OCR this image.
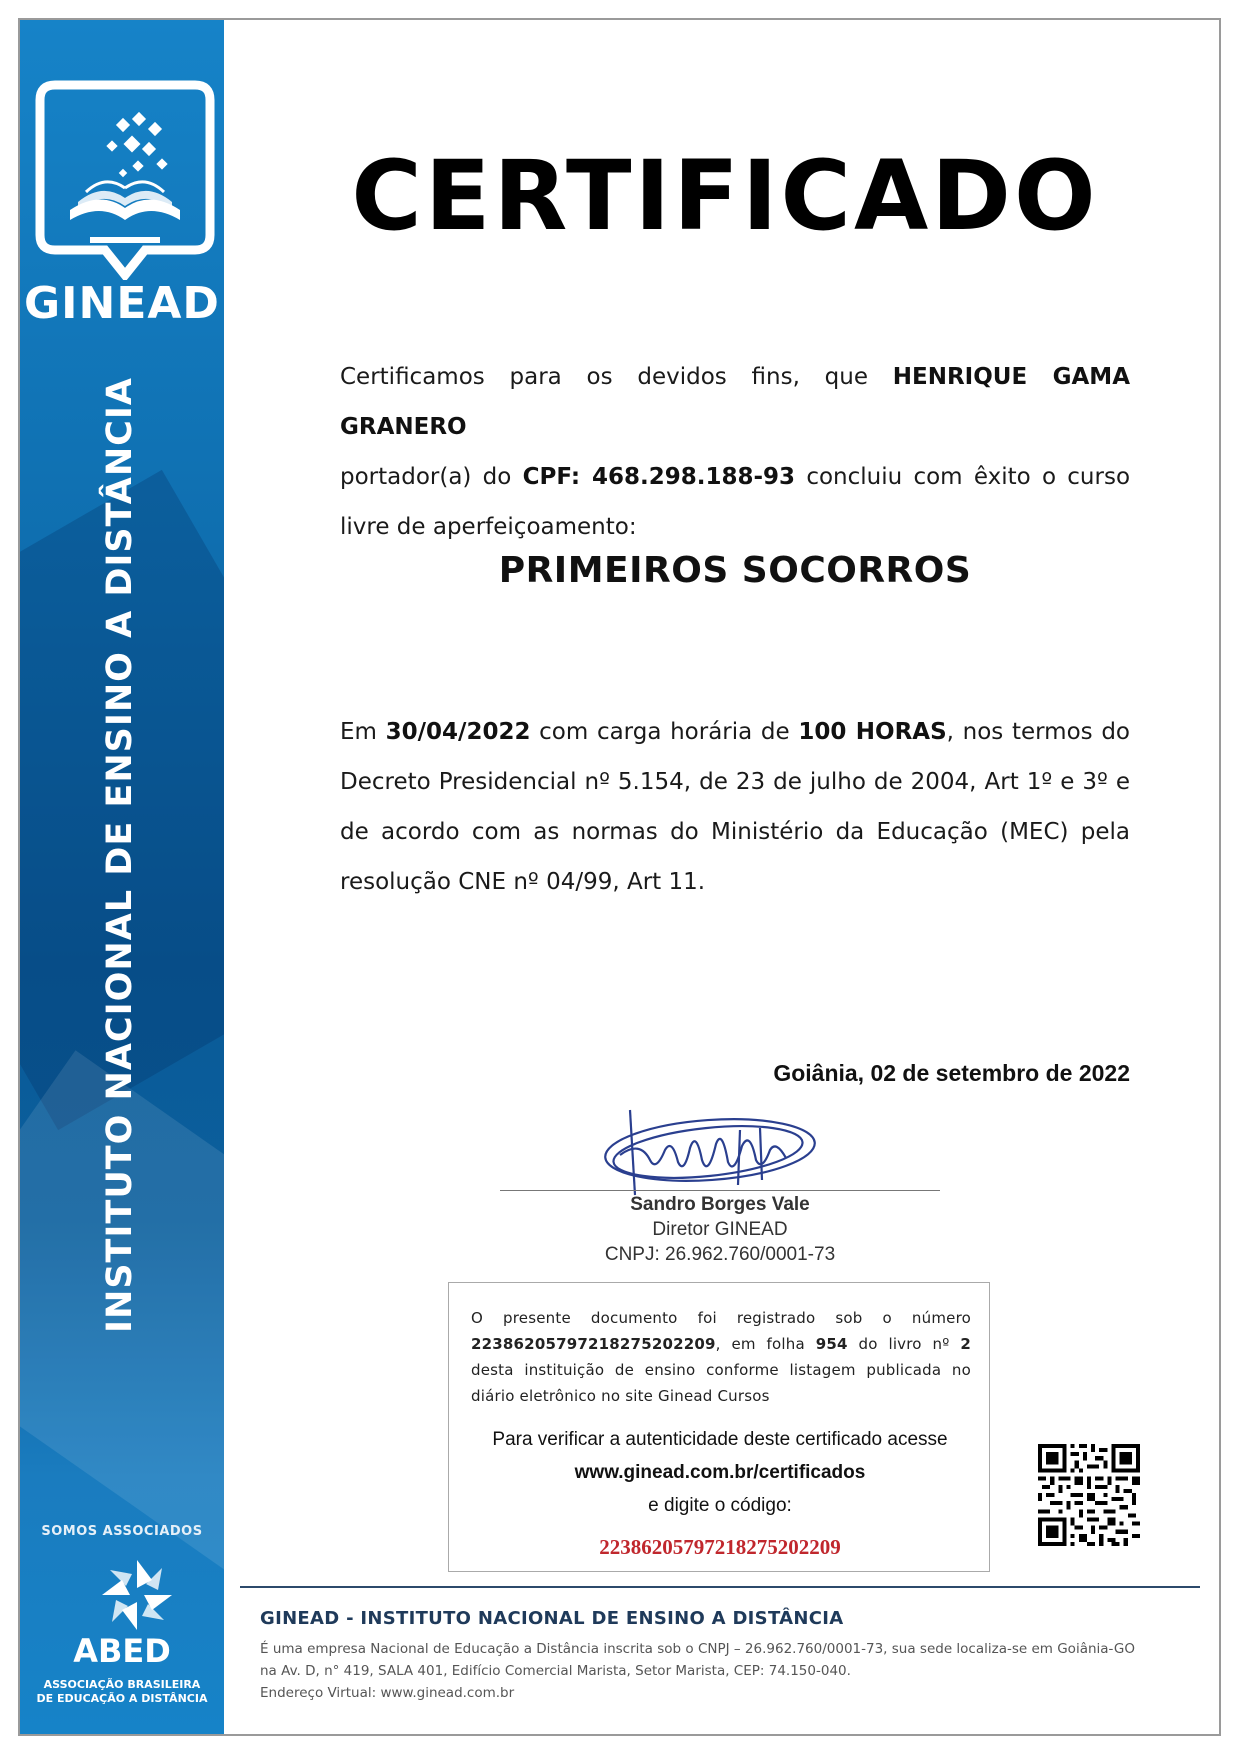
GINEAD
INSTITUTO NACIONAL DE ENSINO A DISTÂNCIA
SOMOS ASSOCIADOS
ABED
ASSOCIAÇÃO BRASILEIRA
DE EDUCAÇÃO A DISTÂNCIA
CERTIFICADO
Certificamos para os devidos fins, que HENRIQUE GAMA GRANERO
portador(a) do CPF: 468.298.188-93 concluiu com êxito o curso
livre de aperfeiçoamento:
PRIMEIROS SOCORROS
Em 30/04/2022 com carga horária de 100 HORAS, nos termos do
Decreto Presidencial nº 5.154, de 23 de julho de 2004, Art 1º e 3º e
de acordo com as normas do Ministério da Educação (MEC) pela
resolução CNE nº 04/99, Art 11.
Goiânia, 02 de setembro de 2022
Sandro Borges Vale
Diretor GINEAD
CNPJ: 26.962.760/0001-73
O presente documento foi registrado sob o número
22386205797218275202209, em folha 954 do livro nº 2
desta instituição de ensino conforme listagem publicada no
diário eletrônico no site Ginead Cursos
Para verificar a autenticidade deste certificado acesse
www.ginead.com.br/certificados
e digite o código:
22386205797218275202209
GINEAD - INSTITUTO NACIONAL DE ENSINO A DISTÂNCIA
É uma empresa Nacional de Educação a Distância inscrita sob o CNPJ – 26.962.760/0001-73, sua sede localiza-se em Goiânia-GO
na Av. D, n° 419, SALA 401, Edifício Comercial Marista, Setor Marista, CEP: 74.150-040.
Endereço Virtual: www.ginead.com.br
